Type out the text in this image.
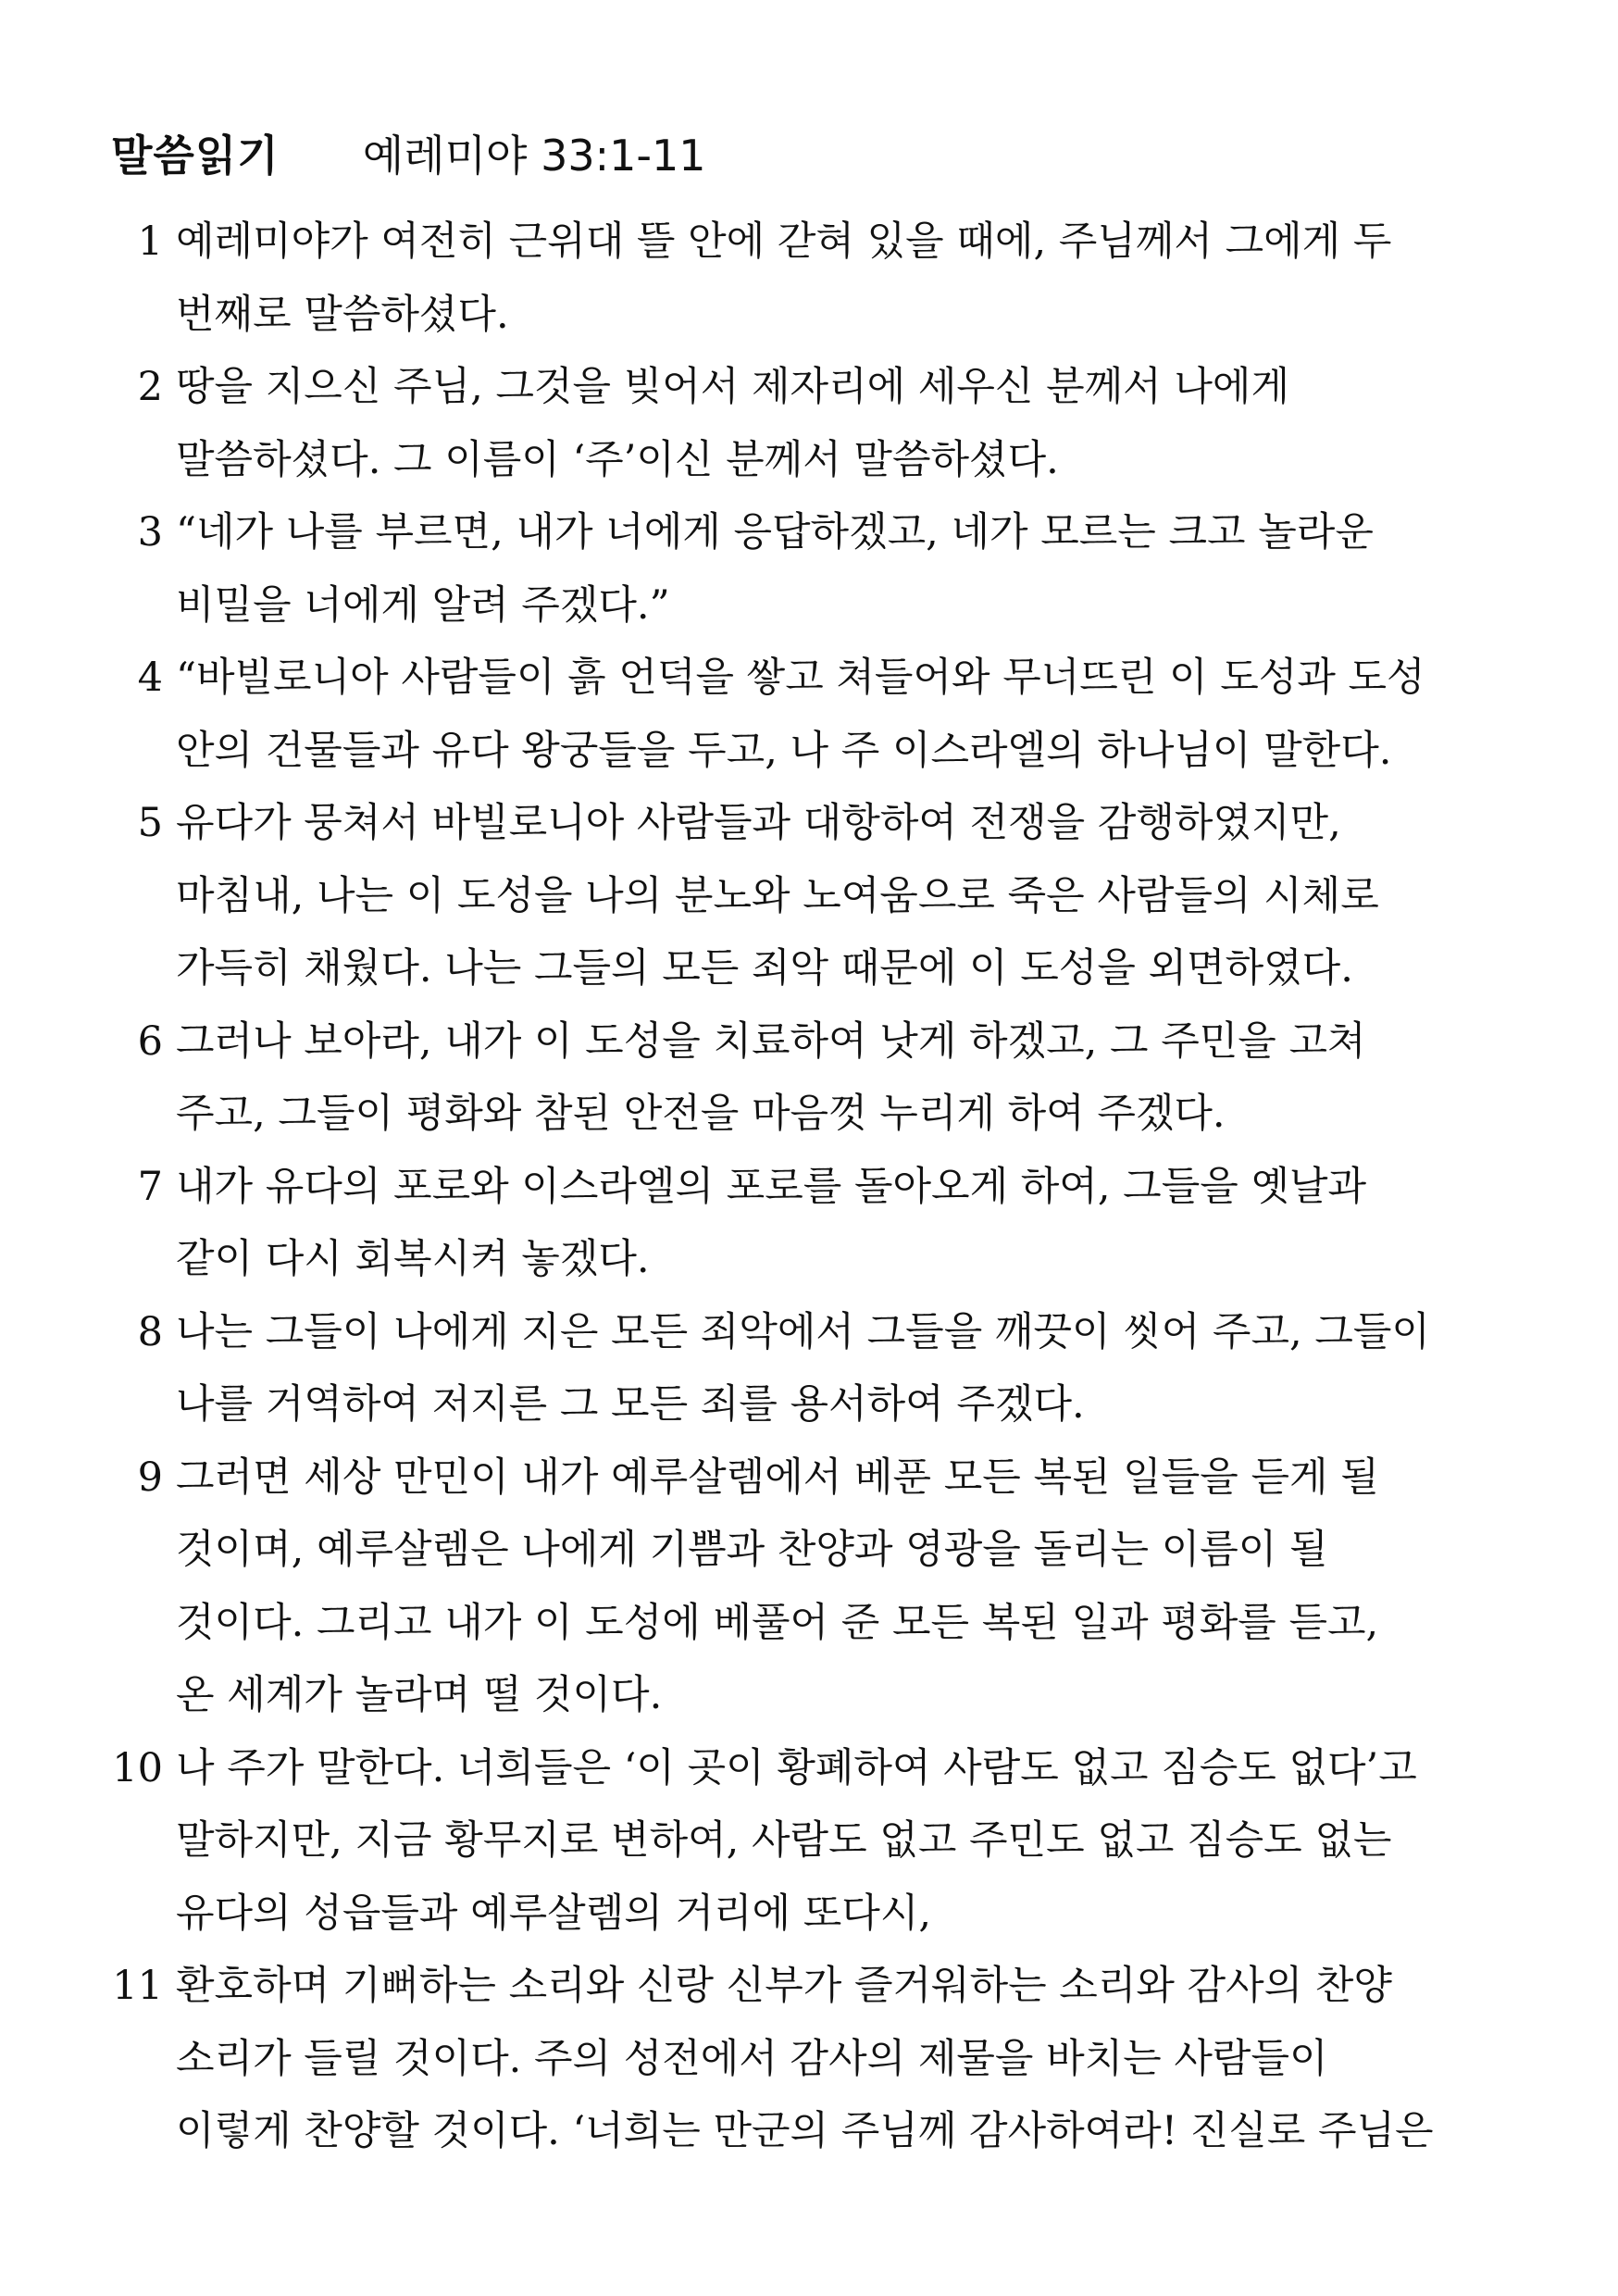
말씀읽기 예레미야 33:1-11
1 예레미야가 여전히 근위대 뜰 안에 갇혀 있을 때에, 주님께서 그에게 두
번째로 말씀하셨다.
2 땅을 지으신 주님, 그것을 빚어서 제자리에 세우신 분께서 나에게
말씀하셨다. 그 이름이 ‘주’이신 분께서 말씀하셨다.
3 “네가 나를 부르면, 내가 너에게 응답하겠고, 네가 모르는 크고 놀라운
비밀을 너에게 알려 주겠다.”
4 “바빌로니아 사람들이 흙 언덕을 쌓고 쳐들어와 무너뜨린 이 도성과 도성
안의 건물들과 유다 왕궁들을 두고, 나 주 이스라엘의 하나님이 말한다.
5 유다가 뭉쳐서 바빌로니아 사람들과 대항하여 전쟁을 감행하였지만,
마침내, 나는 이 도성을 나의 분노와 노여움으로 죽은 사람들의 시체로
가득히 채웠다. 나는 그들의 모든 죄악 때문에 이 도성을 외면하였다.
6 그러나 보아라, 내가 이 도성을 치료하여 낫게 하겠고, 그 주민을 고쳐
주고, 그들이 평화와 참된 안전을 마음껏 누리게 하여 주겠다.
7 내가 유다의 포로와 이스라엘의 포로를 돌아오게 하여, 그들을 옛날과
같이 다시 회복시켜 놓겠다.
8 나는 그들이 나에게 지은 모든 죄악에서 그들을 깨끗이 씻어 주고, 그들이
나를 거역하여 저지른 그 모든 죄를 용서하여 주겠다.
9 그러면 세상 만민이 내가 예루살렘에서 베푼 모든 복된 일들을 듣게 될
것이며, 예루살렘은 나에게 기쁨과 찬양과 영광을 돌리는 이름이 될
것이다. 그리고 내가 이 도성에 베풀어 준 모든 복된 일과 평화를 듣고,
온 세계가 놀라며 떨 것이다.
10 나 주가 말한다. 너희들은 ‘이 곳이 황폐하여 사람도 없고 짐승도 없다’고
말하지만, 지금 황무지로 변하여, 사람도 없고 주민도 없고 짐승도 없는
유다의 성읍들과 예루살렘의 거리에 또다시,
11 환호하며 기뻐하는 소리와 신랑 신부가 즐거워하는 소리와 감사의 찬양
소리가 들릴 것이다. 주의 성전에서 감사의 제물을 바치는 사람들이
이렇게 찬양할 것이다. ‘너희는 만군의 주님께 감사하여라! 진실로 주님은
